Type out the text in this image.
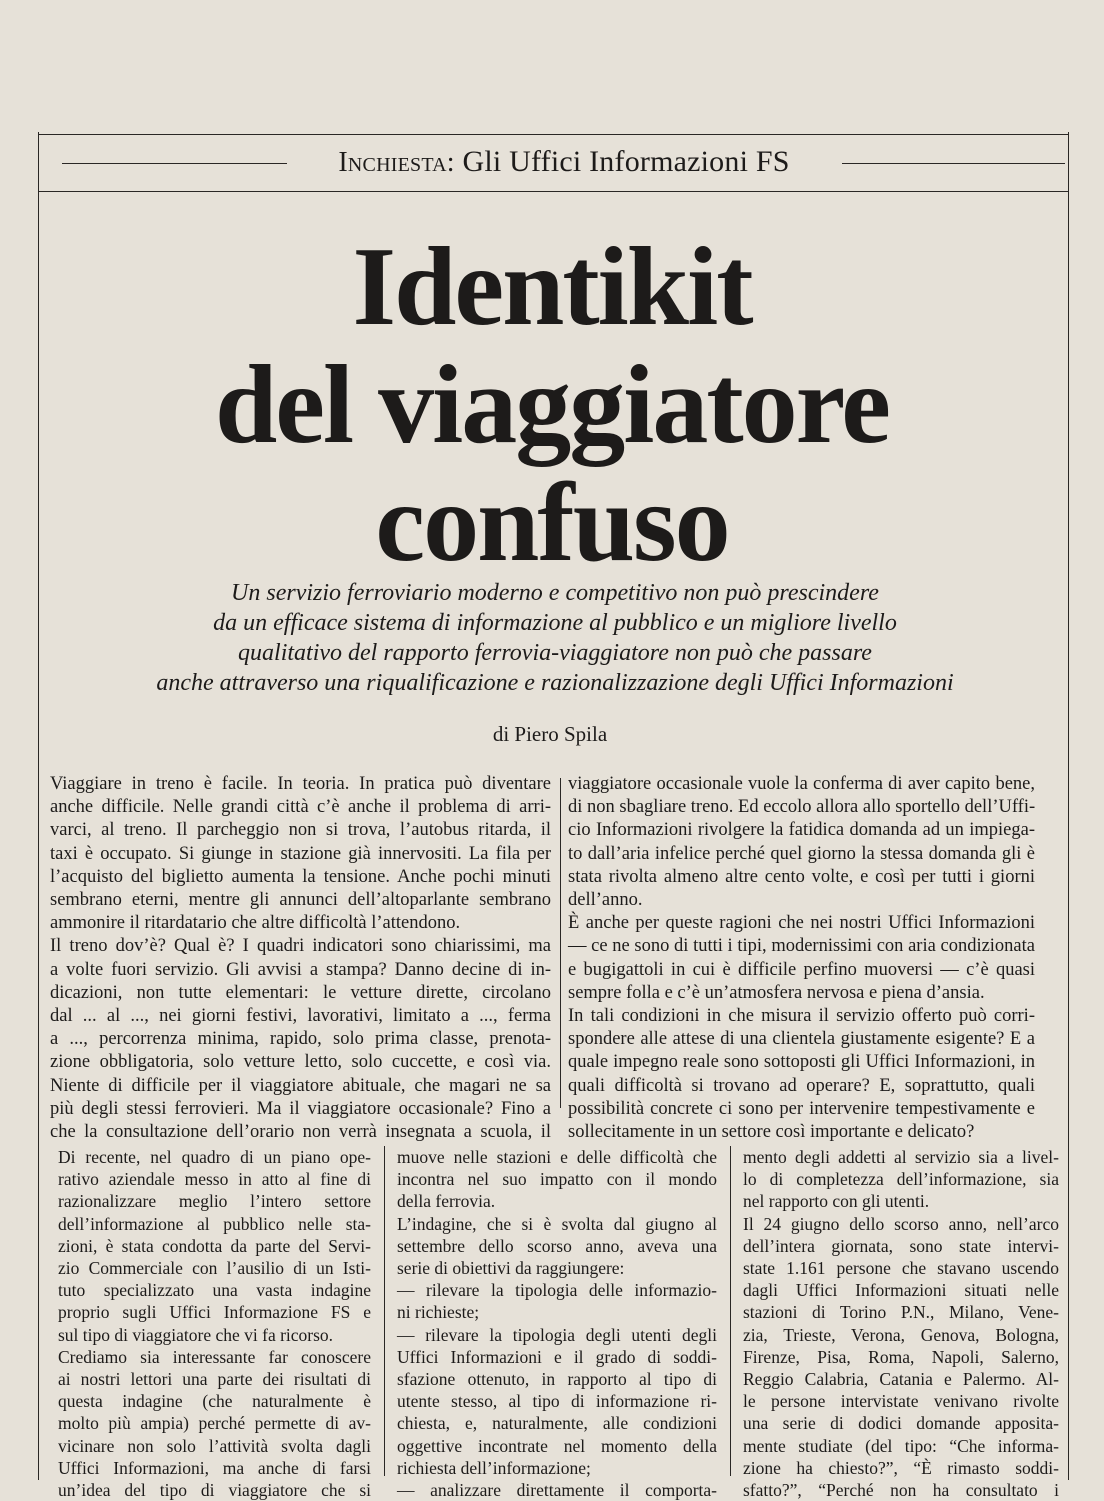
Inchiesta: Gli Uffici Informazioni FS
Identikit
del viaggiatore
confuso
Un servizio ferroviario moderno e competitivo non può prescindere
da un efficace sistema di informazione al pubblico e un migliore livello
qualitativo del rapporto ferrovia-viaggiatore non può che passare
anche attraverso una riqualificazione e razionalizzazione degli Uffici Informazioni
di Piero Spila
Viaggiare in treno è facile. In teoria. In pratica può diventare
anche difficile. Nelle grandi città c’è anche il problema di arri-
varci, al treno. Il parcheggio non si trova, l’autobus ritarda, il
taxi è occupato. Si giunge in stazione già innervositi. La fila per
l’acquisto del biglietto aumenta la tensione. Anche pochi minuti
sembrano eterni, mentre gli annunci dell’altoparlante sembrano
ammonire il ritardatario che altre difficoltà l’attendono.
Il treno dov’è? Qual è? I quadri indicatori sono chiarissimi, ma
a volte fuori servizio. Gli avvisi a stampa? Danno decine di in-
dicazioni, non tutte elementari: le vetture dirette, circolano
dal ... al ..., nei giorni festivi, lavorativi, limitato a ..., ferma
a ..., percorrenza minima, rapido, solo prima classe, prenota-
zione obbligatoria, solo vetture letto, solo cuccette, e così via.
Niente di difficile per il viaggiatore abituale, che magari ne sa
più degli stessi ferrovieri. Ma il viaggiatore occasionale? Fino a
che la consultazione dell’orario non verrà insegnata a scuola, il
viaggiatore occasionale vuole la conferma di aver capito bene,
di non sbagliare treno. Ed eccolo allora allo sportello dell’Uffi-
cio Informazioni rivolgere la fatidica domanda ad un impiega-
to dall’aria infelice perché quel giorno la stessa domanda gli è
stata rivolta almeno altre cento volte, e così per tutti i giorni
dell’anno.
È anche per queste ragioni che nei nostri Uffici Informazioni
— ce ne sono di tutti i tipi, modernissimi con aria condizionata
e bugigattoli in cui è difficile perfino muoversi — c’è quasi
sempre folla e c’è un’atmosfera nervosa e piena d’ansia.
In tali condizioni in che misura il servizio offerto può corri-
spondere alle attese di una clientela giustamente esigente? E a
quale impegno reale sono sottoposti gli Uffici Informazioni, in
quali difficoltà si trovano ad operare? E, soprattutto, quali
possibilità concrete ci sono per intervenire tempestivamente e
sollecitamente in un settore così importante e delicato?
Di recente, nel quadro di un piano ope-
rativo aziendale messo in atto al fine di
razionalizzare meglio l’intero settore
dell’informazione al pubblico nelle sta-
zioni, è stata condotta da parte del Servi-
zio Commerciale con l’ausilio di un Isti-
tuto specializzato una vasta indagine
proprio sugli Uffici Informazione FS e
sul tipo di viaggiatore che vi fa ricorso.
Crediamo sia interessante far conoscere
ai nostri lettori una parte dei risultati di
questa indagine (che naturalmente è
molto più ampia) perché permette di av-
vicinare non solo l’attività svolta dagli
Uffici Informazioni, ma anche di farsi
un’idea del tipo di viaggiatore che si
muove nelle stazioni e delle difficoltà che
incontra nel suo impatto con il mondo
della ferrovia.
L’indagine, che si è svolta dal giugno al
settembre dello scorso anno, aveva una
serie di obiettivi da raggiungere:
— rilevare la tipologia delle informazio-
ni richieste;
— rilevare la tipologia degli utenti degli
Uffici Informazioni e il grado di soddi-
sfazione ottenuto, in rapporto al tipo di
utente stesso, al tipo di informazione ri-
chiesta, e, naturalmente, alle condizioni
oggettive incontrate nel momento della
richiesta dell’informazione;
— analizzare direttamente il comporta-
mento degli addetti al servizio sia a livel-
lo di completezza dell’informazione, sia
nel rapporto con gli utenti.
Il 24 giugno dello scorso anno, nell’arco
dell’intera giornata, sono state intervi-
state 1.161 persone che stavano uscendo
dagli Uffici Informazioni situati nelle
stazioni di Torino P.N., Milano, Vene-
zia, Trieste, Verona, Genova, Bologna,
Firenze, Pisa, Roma, Napoli, Salerno,
Reggio Calabria, Catania e Palermo. Al-
le persone intervistate venivano rivolte
una serie di dodici domande apposita-
mente studiate (del tipo: “Che informa-
zione ha chiesto?”, “È rimasto soddi-
sfatto?”, “Perché non ha consultato i
